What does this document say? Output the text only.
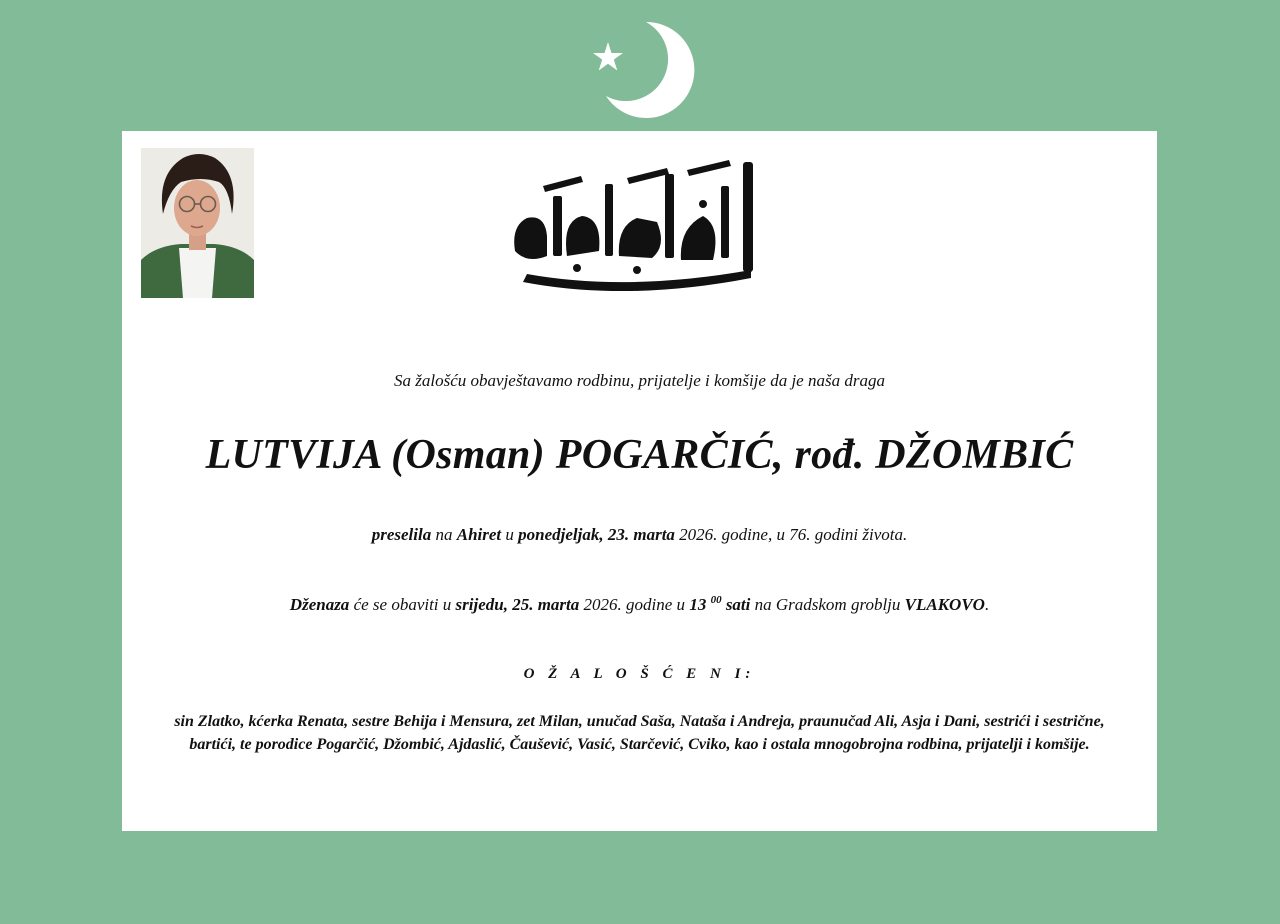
Sa žalošću obavještavamo rodbinu, prijatelje i komšije da je naša draga
LUTVIJA (Osman) POGARČIĆ, rođ. DŽOMBIĆ
preselila na Ahiret u ponedjeljak, 23. marta 2026. godine, u 76. godini života.
Dženaza će se obaviti u srijedu, 25. marta 2026. godine u 13 $^{00}$ sati na Gradskom groblju VLAKOVO.
O Ž A L O Š Ć E N I:
sin Zlatko, kćerka Renata, sestre Behija i Mensura, zet Milan, unučad Saša, Nataša i Andreja, praunučad Ali, Asja i Dani, sestrići i sestrične, bartići, te porodice Pogarčić, Džombić, Ajdaslić, Čaušević, Vasić, Starčević, Cviko, kao i ostala mnogobrojna rodbina, prijatelji i komšije.
